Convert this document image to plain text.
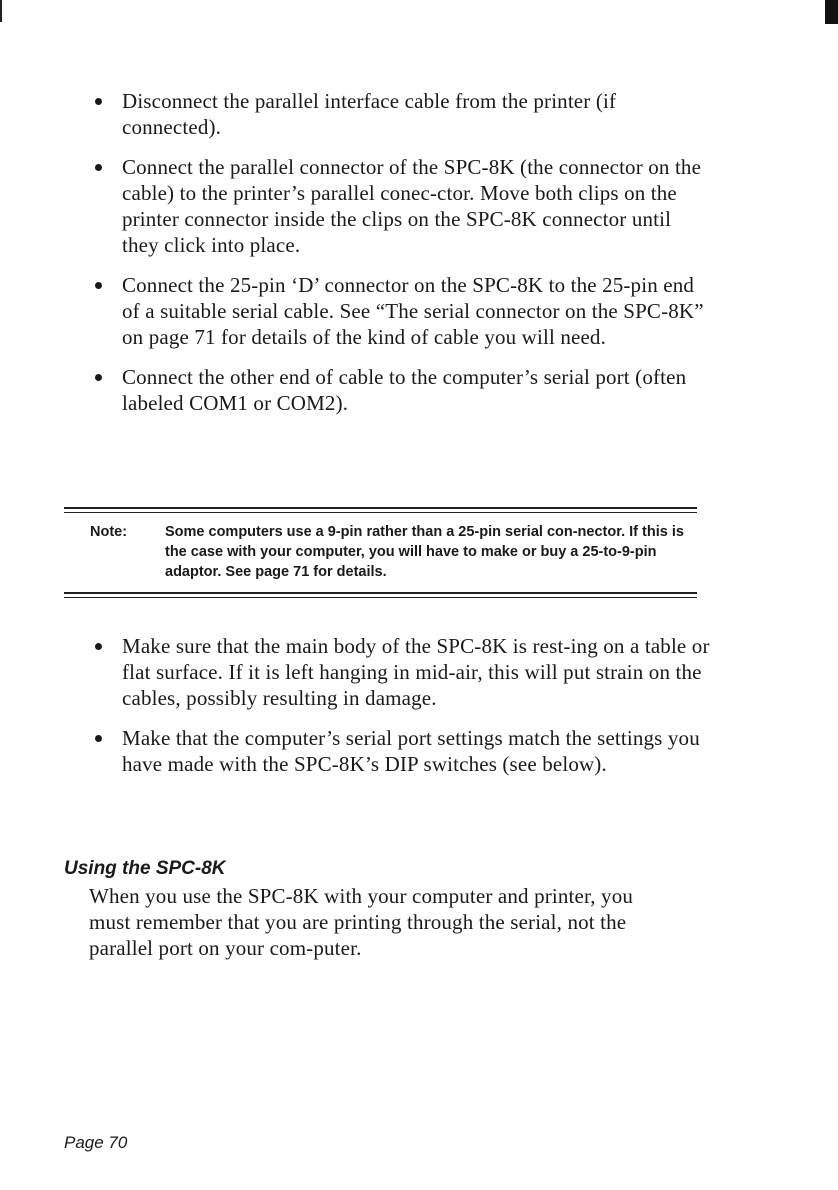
Disconnect the parallel interface cable from the printer (if connected).
Connect the parallel connector of the SPC-8K (the connector on the cable) to the printer’s parallel conec-ctor. Move both clips on the printer connector inside the clips on the SPC-8K connector until they click into place.
Connect the 25-pin ‘D’ connector on the SPC-8K to the 25-pin end of a suitable serial cable. See “The serial connector on the SPC-8K” on page 71 for details of the kind of cable you will need.
Connect the other end of cable to the computer’s serial port (often labeled COM1 or COM2).
Note:	Some computers use a 9-pin rather than a 25-pin serial con-nector. If this is the case with your computer, you will have to make or buy a 25-to-9-pin adaptor. See page 71 for details.
Make sure that the main body of the SPC-8K is rest-ing on a table or flat surface. If it is left hanging in mid-air, this will put strain on the cables, possibly resulting in damage.
Make that the computer’s serial port settings match the settings you have made with the SPC-8K’s DIP switches (see below).
Using the SPC-8K

When you use the SPC-8K with your computer and printer, you must remember that you are printing through the serial, not the parallel port on your com-puter.

Page 70
